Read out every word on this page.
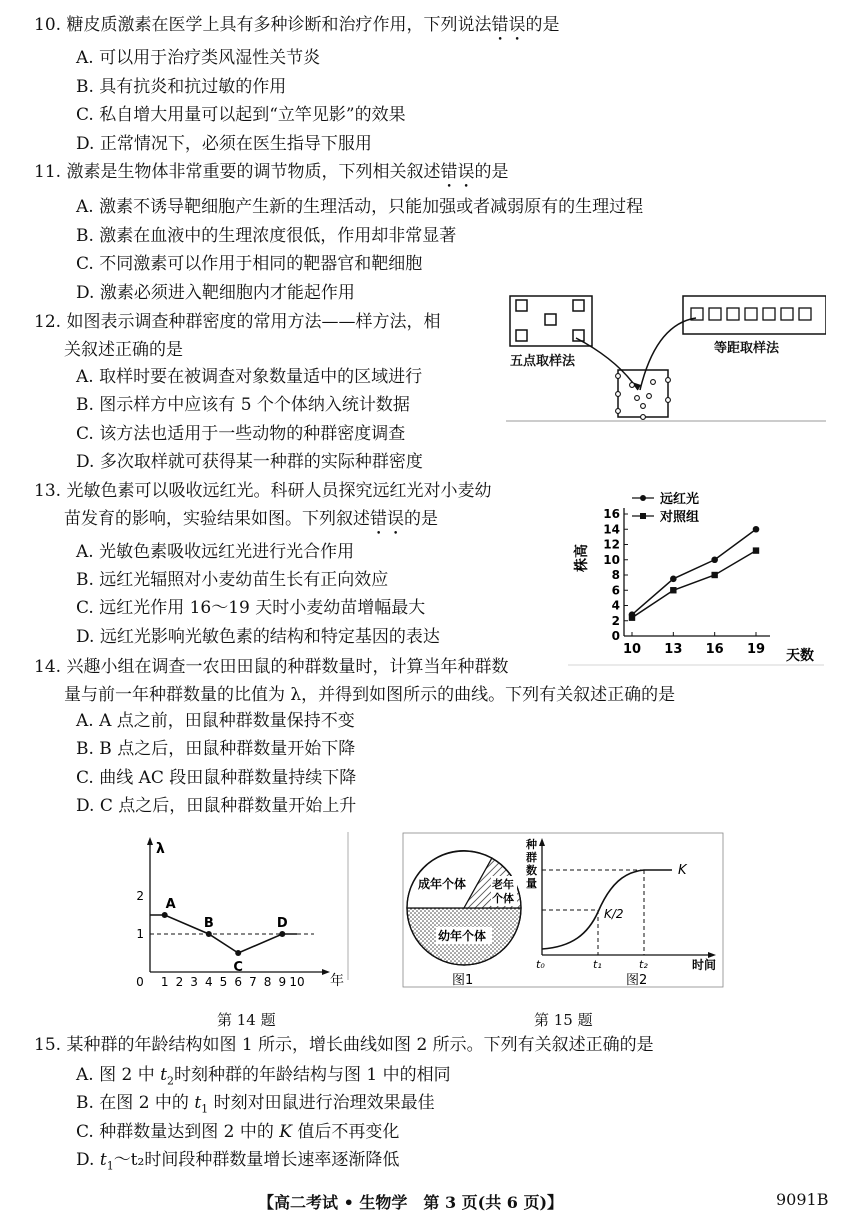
10. 糖皮质激素在医学上具有多种诊断和治疗作用，下列说法错误的是
A. 可以用于治疗类风湿性关节炎
B. 具有抗炎和抗过敏的作用
C. 私自增大用量可以起到“立竿见影”的效果
D. 正常情况下，必须在医生指导下服用
11. 激素是生物体非常重要的调节物质，下列相关叙述错误的是
A. 激素不诱导靶细胞产生新的生理活动，只能加强或者减弱原有的生理过程
B. 激素在血液中的生理浓度很低，作用却非常显著
C. 不同激素可以作用于相同的靶器官和靶细胞
D. 激素必须进入靶细胞内才能起作用
12. 如图表示调查种群密度的常用方法——样方法，相
关叙述正确的是
A. 取样时要在被调查对象数量适中的区域进行
B. 图示样方中应该有 5 个个体纳入统计数据
C. 该方法也适用于一些动物的种群密度调查
D. 多次取样就可获得某一种群的实际种群密度
五点取样法
等距取样法
13. 光敏色素可以吸收远红光。科研人员探究远红光对小麦幼
苗发育的影响，实验结果如图。下列叙述错误的是
A. 光敏色素吸收远红光进行光合作用
B. 远红光辐照对小麦幼苗生长有正向效应
C. 远红光作用 16～19 天时小麦幼苗增幅最大
D. 远红光影响光敏色素的结构和特定基因的表达	0
2
4
6
8
10
12
14
16
10 13 16 19
远红光
对照组
株高
天数
14. 兴趣小组在调查一农田田鼠的种群数量时，计算当年种群数
量与前一年种群数量的比值为 λ，并得到如图所示的曲线。下列有关叙述正确的是
A. A 点之前，田鼠种群数量保持不变
B. B 点之后，田鼠种群数量开始下降
C. 曲线 AC 段田鼠种群数量持续下降
D. C 点之后，田鼠种群数量开始上升
0 1 2 3 4 5 6 7 8 9 10
1
2
A
B
C
D
λ
年
第 14 题
成年个体 老年
个体
幼年个体
图1
种
群
数
量
K
K/2
t₀	t₁	t₂	时间
图2
第 15 题
15. 某种群的年龄结构如图 1 所示，增长曲线如图 2 所示。下列有关叙述正确的是
A. 图 2 中 $t_2$时刻种群的年龄结构与图 1 中的相同
B. 在图 2 中的 $t_1$ 时刻对田鼠进行治理效果最佳
C. 种群数量达到图 2 中的 K 值后不再变化
D. $t_1\sim t_2$时间段种群数量增长速率逐渐降低
【高二考试 • 生物学　第 3 页(共 6 页)】	9091B
